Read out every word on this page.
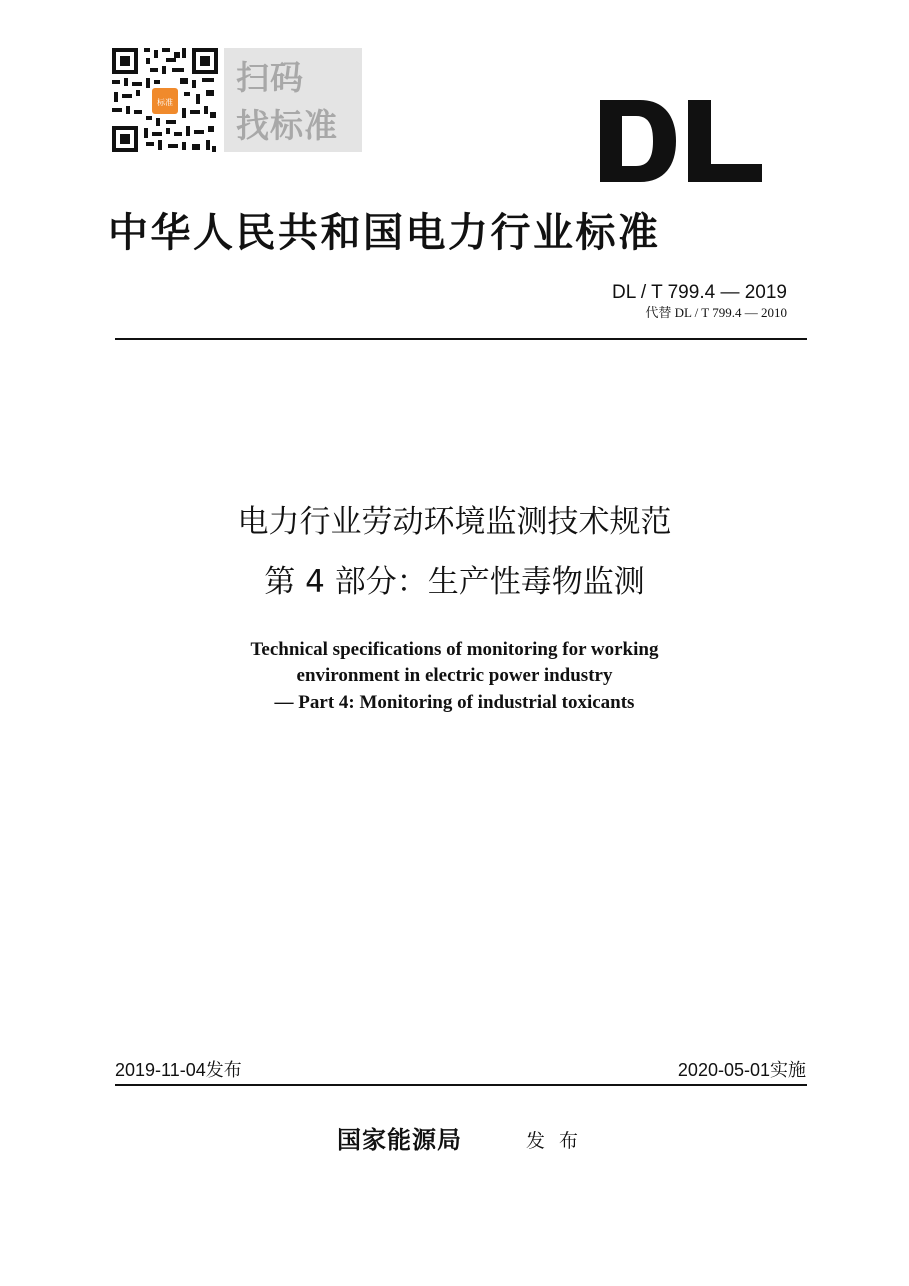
标准
扫码
找标准
中华人民共和国电力行业标准
DL / T 799.4 — 2019
代替 DL / T 799.4 — 2010
电力行业劳动环境监测技术规范
第 4 部分：生产性毒物监测
Technical specifications of monitoring for working
environment in electric power industry
— Part 4: Monitoring of industrial toxicants
2019-11-04发布	2020-05-01实施
国家能源局	发布
